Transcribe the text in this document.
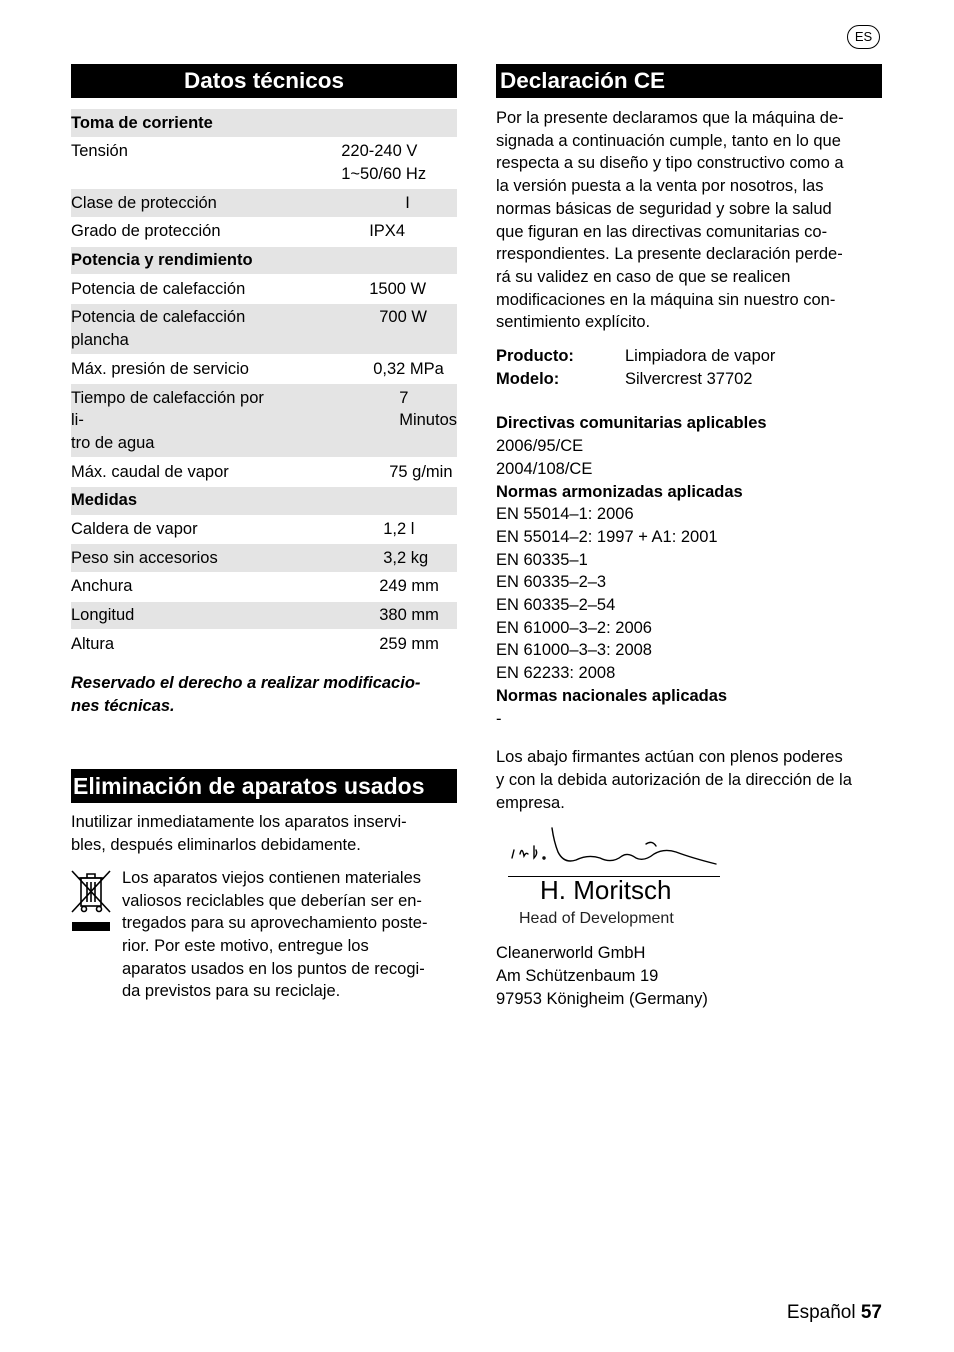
ES
Datos técnicos
Toma de corriente	
Tensión	220-240 V
1~50/60 Hz
Clase de protección	I
Grado de protección	IPX4
Potencia y rendimiento	
Potencia de calefacción	1500 W
Potencia de calefacción
plancha	700 W
Máx. presión de servicio	0,32 MPa
Tiempo de calefacción por li-
tro de agua	7 Minutos
Máx. caudal de vapor	75 g/min
Medidas	
Caldera de vapor	1,2 l
Peso sin accesorios	3,2 kg
Anchura	249 mm
Longitud	380 mm
Altura	259 mm
Reservado el derecho a realizar modificacio-
nes técnicas.
Eliminación de aparatos usados
Inutilizar inmediatamente los aparatos inservi-
bles, después eliminarlos debidamente.
Los aparatos viejos contienen materiales
valiosos reciclables que deberían ser en-
tregados para su aprovechamiento poste-
rior. Por este motivo, entregue los
aparatos usados en los puntos de recogi-
da previstos para su reciclaje.
Declaración CE
Por la presente declaramos que la máquina de-
signada a continuación cumple, tanto en lo que
respecta a su diseño y tipo constructivo como a
la versión puesta a la venta por nosotros, las
normas básicas de seguridad y sobre la salud
que figuran en las directivas comunitarias co-
rrespondientes. La presente declaración perde-
rá su validez en caso de que se realicen
modificaciones en la máquina sin nuestro con-
sentimiento explícito.
Producto:	Limpiadora de vapor
Modelo:	Silvercrest 37702
Directivas comunitarias aplicables
2006/95/CE
2004/108/CE
Normas armonizadas aplicadas
EN 55014–1: 2006
EN 55014–2: 1997 + A1: 2001
EN 60335–1
EN 60335–2–3
EN 60335–2–54
EN 61000–3–2: 2006
EN 61000–3–3: 2008
EN 62233: 2008
Normas nacionales aplicadas
-
Los abajo firmantes actúan con plenos poderes
y con la debida autorización de la dirección de la
empresa.
H. Moritsch
Head of Development
Cleanerworld GmbH
Am Schützenbaum 19
97953 Königheim (Germany)
Español 57
